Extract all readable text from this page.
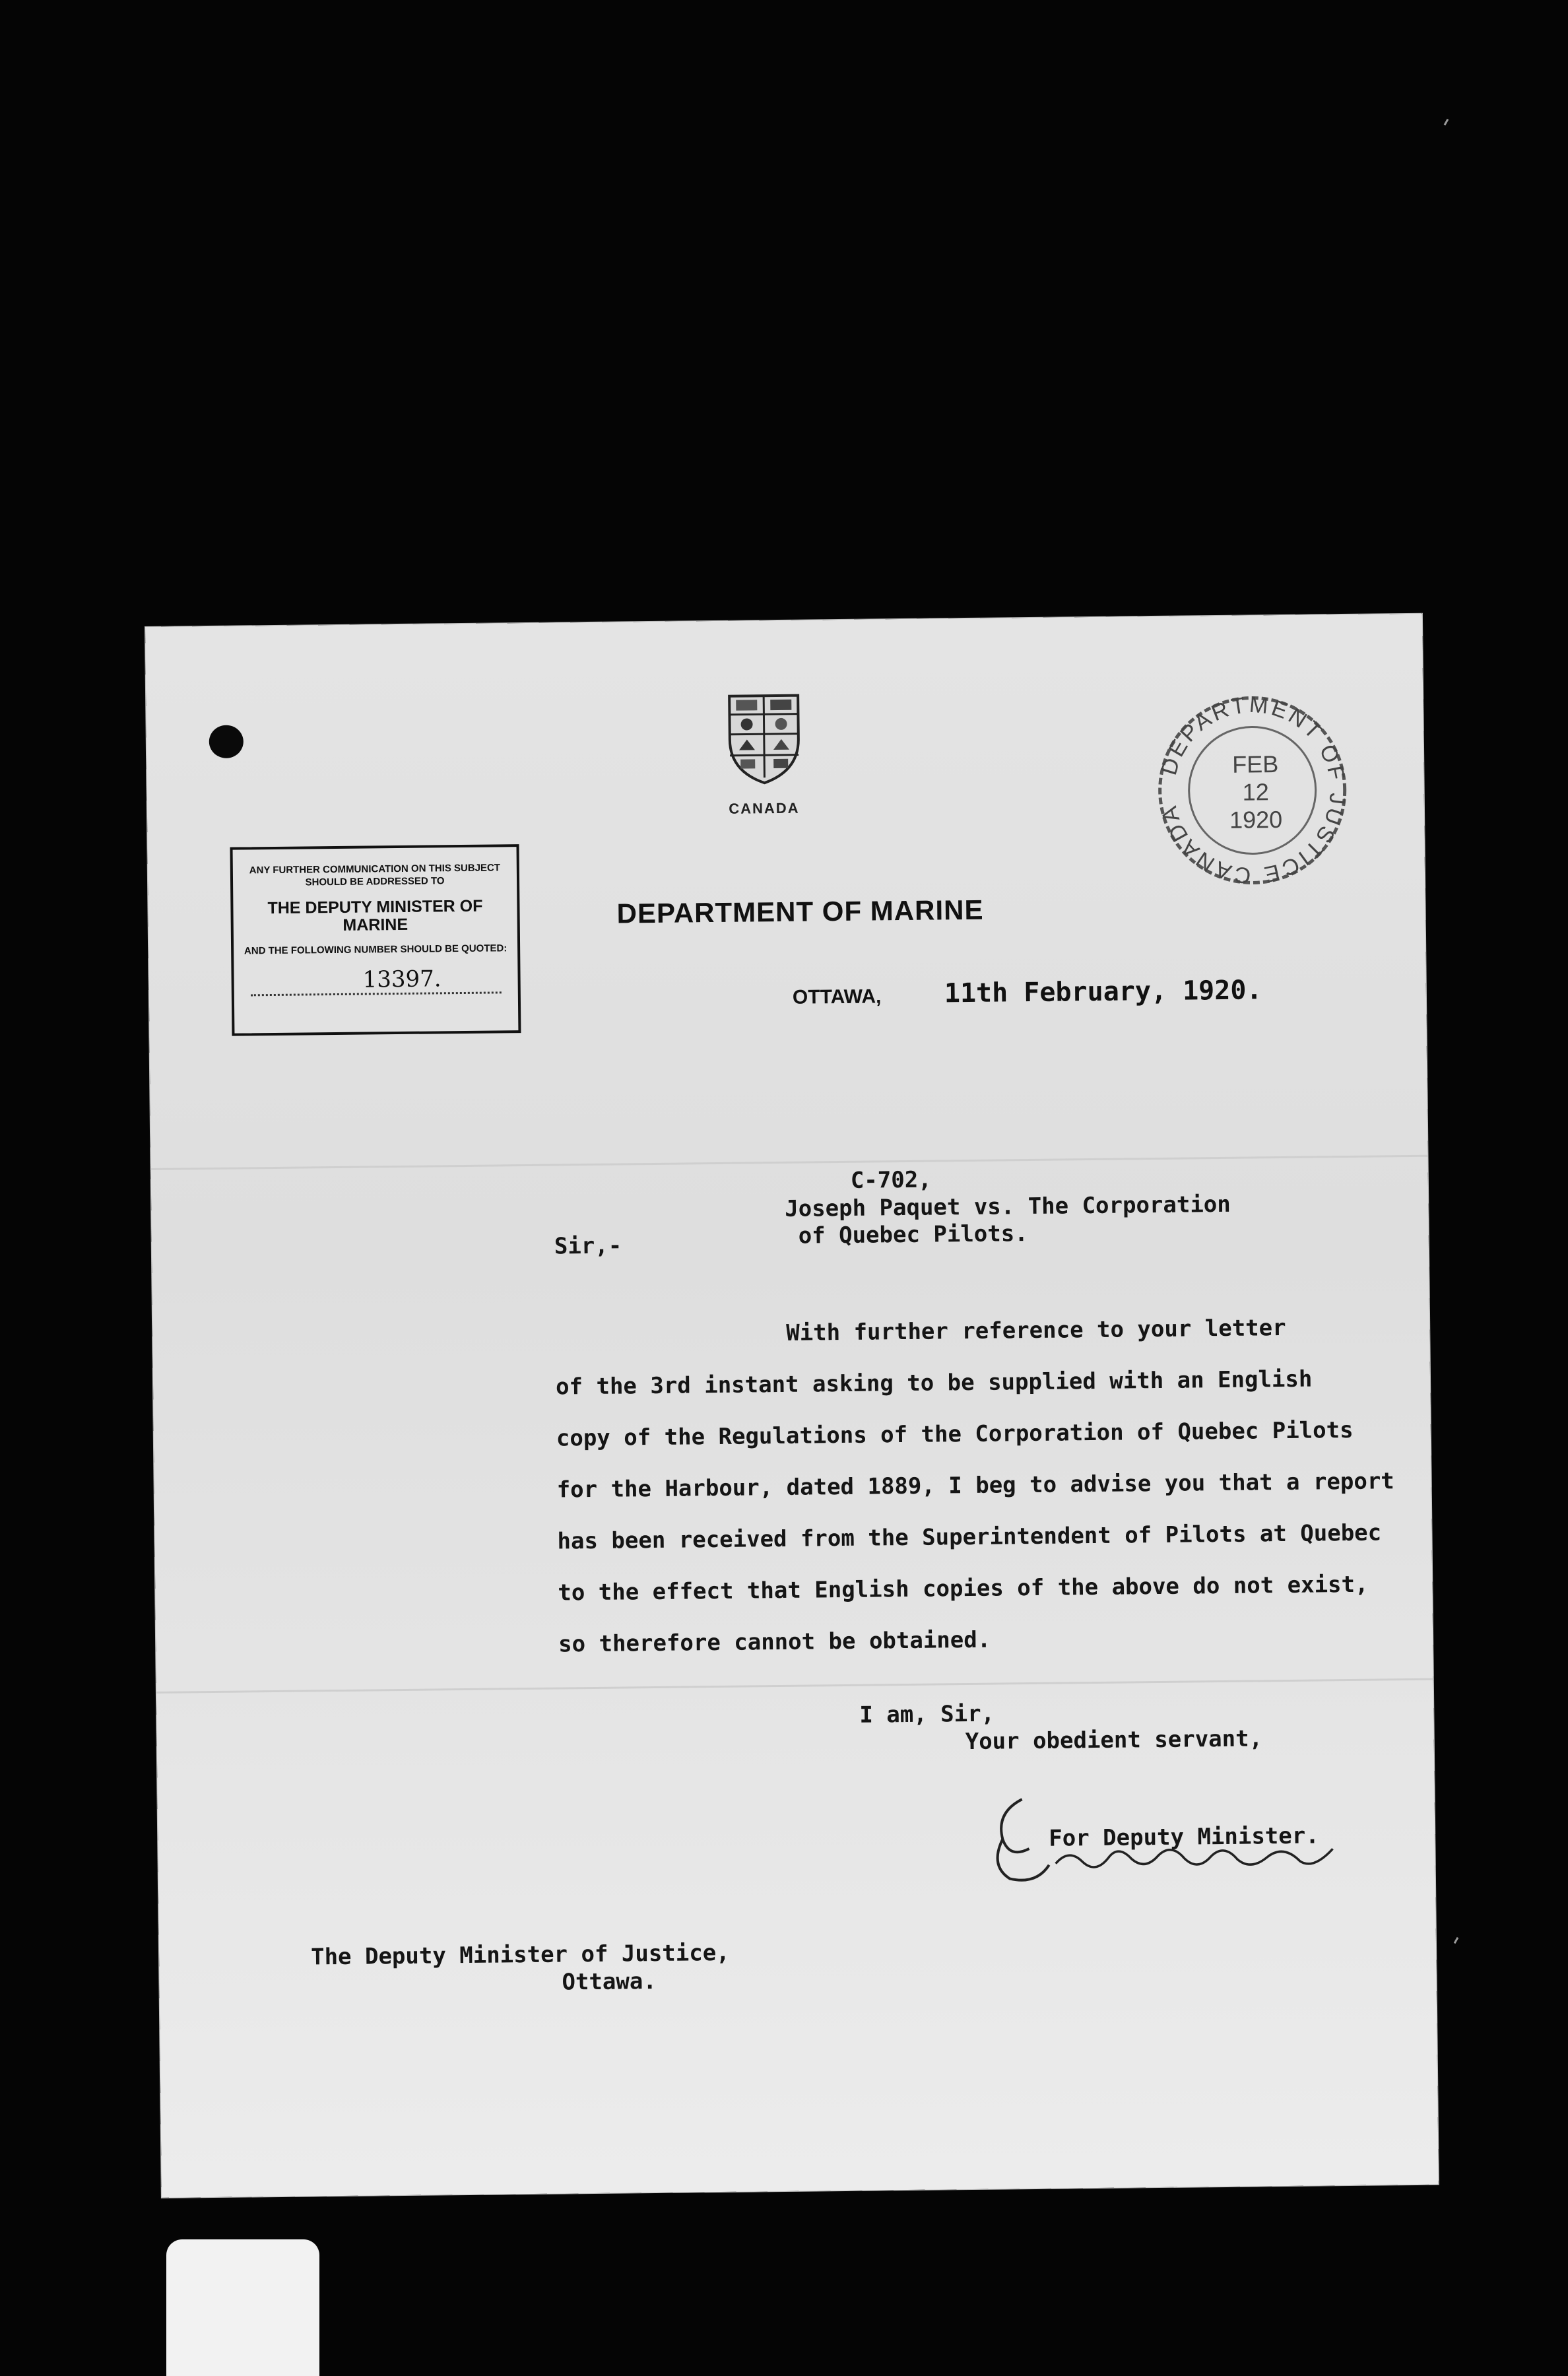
ANY FURTHER COMMUNICATION ON THIS SUBJECT SHOULD BE ADDRESSED TO
THE DEPUTY MINISTER OF MARINE
AND THE FOLLOWING NUMBER SHOULD BE QUOTED:
13397.
CANADA
DEPARTMENT OF JUSTICE CANADA
FEB
12
1920
DEPARTMENT OF MARINE
OTTAWA, 11th February, 1920.
C-702,
Joseph Paquet vs. The Corporation
of Quebec Pilots.
Sir,-
With further reference to your letter
of the 3rd instant asking to be supplied with an English
copy of the Regulations of the Corporation of Quebec Pilots
for the Harbour, dated 1889, I beg to advise you that a report
has been received from the Superintendent of Pilots at Quebec
to the effect that English copies of the above do not exist,
so therefore cannot be obtained.
I am, Sir,
Your obedient servant,
For Deputy Minister.
The Deputy Minister of Justice,
Ottawa.
